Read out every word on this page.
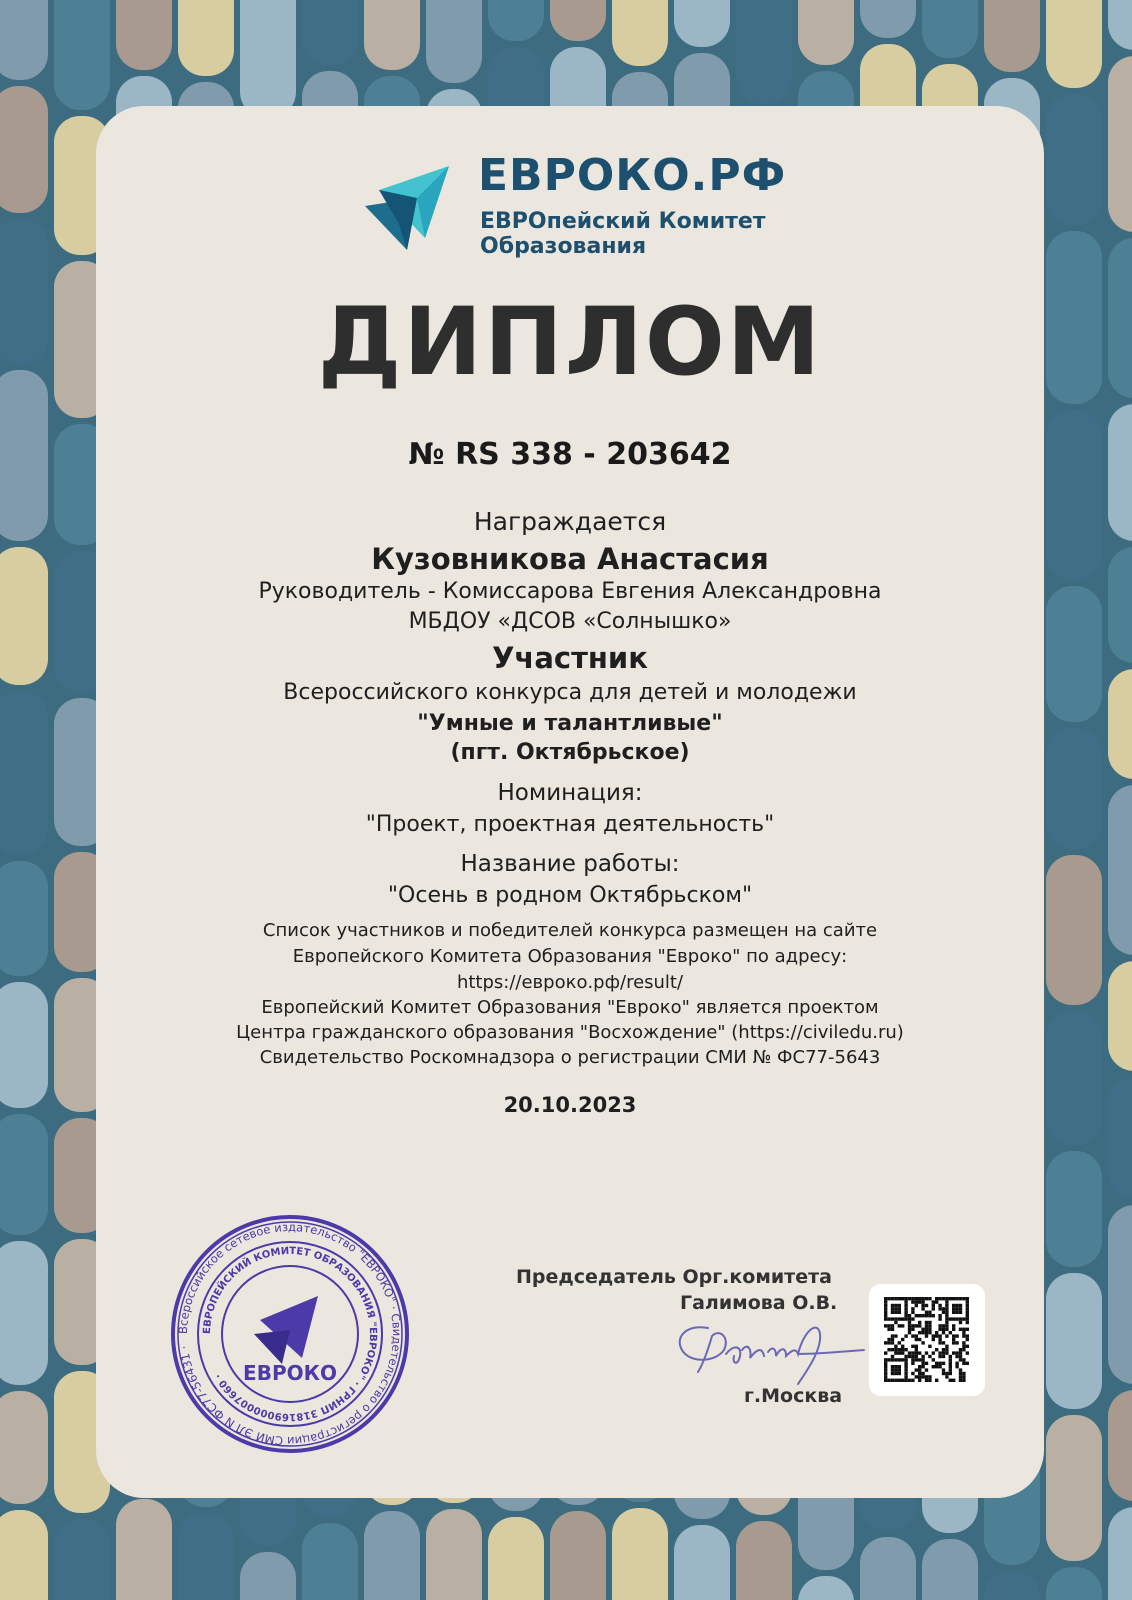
ЕВРОКО.РФ
ЕВРОпейский Комитет
Образования
ДИПЛОМ
№ RS 338 - 203642
Награждается
Кузовникова Анастасия
Руководитель - Комиссарова Евгения Александровна
МБДОУ «ДСОВ «Солнышко»
Участник
Всероссийского конкурса для детей и молодежи
"Умные и талантливые"
(пгт. Октябрьское)
Номинация:
"Проект, проектная деятельность"
Название работы:
"Осень в родном Октябрьском"
Список участников и победителей конкурса размещен на сайте
Европейского Комитета Образования "Евроко" по адресу:
https://евроко.рф/result/
Европейский Комитет Образования "Евроко" является проектом
Центра гражданского образования "Восхождение" (https://civiledu.ru)
Свидетельство Роскомнадзора о регистрации СМИ № ФС77-5643
20.10.2023
Всероссийское сетевое издательство "ЕВРОКО" · Свидетельство о регистрации СМИ ЭЛ N ФС77-56431 ·
ЕВРОПЕЙСКИЙ КОМИТЕТ ОБРАЗОВАНИЯ "ЕВРОКО" · ГРНИП 318169000007660 · ЕВРОКО
Председатель Орг.комитета
Галимова О.В.
г.Москва
